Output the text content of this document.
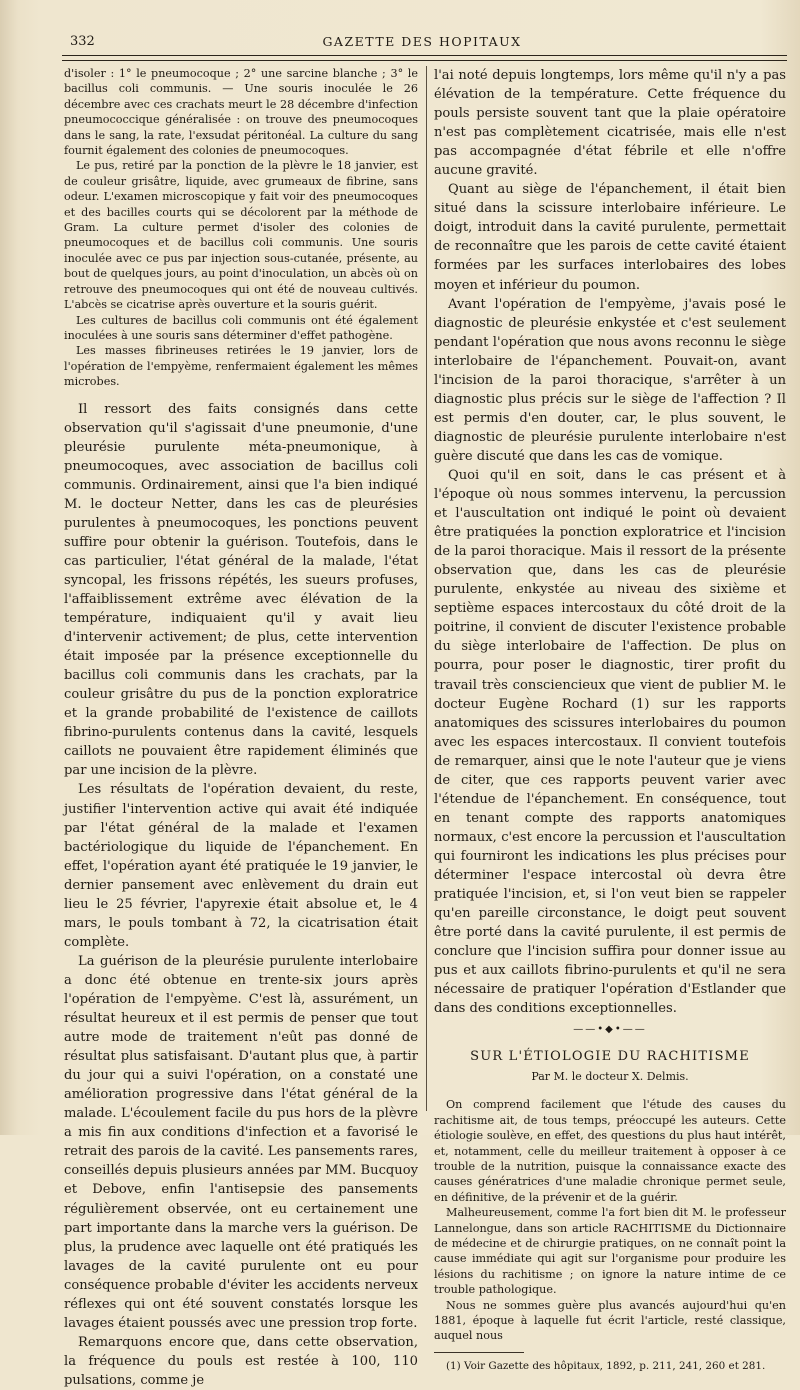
332	GAZETTE DES HOPITAUX

d'isoler : 1° le pneumocoque ; 2° une sarcine blanche ; 3° le bacillus coli communis. — Une souris inoculée le 26 décembre avec ces crachats meurt le 28 décembre d'infection pneumococcique généralisée : on trouve des pneumocoques dans le sang, la rate, l'exsudat péritonéal. La culture du sang fournit également des colonies de pneumocoques.

Le pus, retiré par la ponction de la plèvre le 18 janvier, est de couleur grisâtre, liquide, avec grumeaux de fibrine, sans odeur. L'examen microscopique y fait voir des pneumocoques et des bacilles courts qui se décolorent par la méthode de Gram. La culture permet d'isoler des colonies de pneumocoques et de bacillus coli communis. Une souris inoculée avec ce pus par injection sous-cutanée, présente, au bout de quelques jours, au point d'inoculation, un abcès où on retrouve des pneumocoques qui ont été de nouveau cultivés. L'abcès se cicatrise après ouverture et la souris guérit.

Les cultures de bacillus coli communis ont été également inoculées à une souris sans déterminer d'effet pathogène.

Les masses fibrineuses retirées le 19 janvier, lors de l'opération de l'empyème, renfermaient également les mêmes microbes.

Il ressort des faits consignés dans cette observation qu'il s'agissait d'une pneumonie, d'une pleurésie purulente méta-pneumonique, à pneumocoques, avec association de bacillus coli communis. Ordinairement, ainsi que l'a bien indiqué M. le docteur Netter, dans les cas de pleurésies purulentes à pneumocoques, les ponctions peuvent suffire pour obtenir la guérison. Toutefois, dans le cas particulier, l'état général de la malade, l'état syncopal, les frissons répétés, les sueurs profuses, l'affaiblissement extrême avec élévation de la température, indiquaient qu'il y avait lieu d'intervenir activement; de plus, cette intervention était imposée par la présence exceptionnelle du bacillus coli communis dans les crachats, par la couleur grisâtre du pus de la ponction exploratrice et la grande probabilité de l'existence de caillots fibrino-purulents contenus dans la cavité, lesquels caillots ne pouvaient être rapidement éliminés que par une incision de la plèvre.

Les résultats de l'opération devaient, du reste, justifier l'intervention active qui avait été indiquée par l'état général de la malade et l'examen bactériologique du liquide de l'épanchement. En effet, l'opération ayant été pratiquée le 19 janvier, le dernier pansement avec enlèvement du drain eut lieu le 25 février, l'apyrexie était absolue et, le 4 mars, le pouls tombant à 72, la cicatrisation était complète.

La guérison de la pleurésie purulente interlobaire a donc été obtenue en trente-six jours après l'opération de l'empyème. C'est là, assurément, un résultat heureux et il est permis de penser que tout autre mode de traitement n'eût pas donné de résultat plus satisfaisant. D'autant plus que, à partir du jour qui a suivi l'opération, on a constaté une amélioration progressive dans l'état général de la malade. L'écoulement facile du pus hors de la plèvre a mis fin aux conditions d'infection et a favorisé le retrait des parois de la cavité. Les pansements rares, conseillés depuis plusieurs années par MM. Bucquoy et Debove, enfin l'antisepsie des pansements régulièrement observée, ont eu certainement une part importante dans la marche vers la guérison. De plus, la prudence avec laquelle ont été pratiqués les lavages de la cavité purulente ont eu pour conséquence probable d'éviter les accidents nerveux réflexes qui ont été souvent constatés lorsque les lavages étaient poussés avec une pression trop forte.

Remarquons encore que, dans cette observation, la fréquence du pouls est restée à 100, 110 pulsations, comme je

l'ai noté depuis longtemps, lors même qu'il n'y a pas élévation de la température. Cette fréquence du pouls persiste souvent tant que la plaie opératoire n'est pas complètement cicatrisée, mais elle n'est pas accompagnée d'état fébrile et elle n'offre aucune gravité.

Quant au siège de l'épanchement, il était bien situé dans la scissure interlobaire inférieure. Le doigt, introduit dans la cavité purulente, permettait de reconnaître que les parois de cette cavité étaient formées par les surfaces interlobaires des lobes moyen et inférieur du poumon.

Avant l'opération de l'empyème, j'avais posé le diagnostic de pleurésie enkystée et c'est seulement pendant l'opération que nous avons reconnu le siège interlobaire de l'épanchement. Pouvait-on, avant l'incision de la paroi thoracique, s'arrêter à un diagnostic plus précis sur le siège de l'affection ? Il est permis d'en douter, car, le plus souvent, le diagnostic de pleurésie purulente interlobaire n'est guère discuté que dans les cas de vomique.

Quoi qu'il en soit, dans le cas présent et à l'époque où nous sommes intervenu, la percussion et l'auscultation ont indiqué le point où devaient être pratiquées la ponction exploratrice et l'incision de la paroi thoracique. Mais il ressort de la présente observation que, dans les cas de pleurésie purulente, enkystée au niveau des sixième et septième espaces intercostaux du côté droit de la poitrine, il convient de discuter l'existence probable du siège interlobaire de l'affection. De plus on pourra, pour poser le diagnostic, tirer profit du travail très consciencieux que vient de publier M. le docteur Eugène Rochard (1) sur les rapports anatomiques des scissures interlobaires du poumon avec les espaces intercostaux. Il convient toutefois de remarquer, ainsi que le note l'auteur que je viens de citer, que ces rapports peuvent varier avec l'étendue de l'épanchement. En conséquence, tout en tenant compte des rapports anatomiques normaux, c'est encore la percussion et l'auscultation qui fourniront les indications les plus précises pour déterminer l'espace intercostal où devra être pratiquée l'incision, et, si l'on veut bien se rappeler qu'en pareille circonstance, le doigt peut souvent être porté dans la cavité purulente, il est permis de conclure que l'incision suffira pour donner issue au pus et aux caillots fibrino-purulents et qu'il ne sera nécessaire de pratiquer l'opération d'Estlander que dans des conditions exceptionnelles.

——•◆•——
SUR L'ÉTIOLOGIE DU RACHITISME
Par M. le docteur X. Delmis.

On comprend facilement que l'étude des causes du rachitisme ait, de tous temps, préoccupé les auteurs. Cette étiologie soulève, en effet, des questions du plus haut intérêt, et, notamment, celle du meilleur traitement à opposer à ce trouble de la nutrition, puisque la connaissance exacte des causes génératrices d'une maladie chronique permet seule, en définitive, de la prévenir et de la guérir.

Malheureusement, comme l'a fort bien dit M. le professeur Lannelongue, dans son article RACHITISME du Dictionnaire de médecine et de chirurgie pratiques, on ne connaît point la cause immédiate qui agit sur l'organisme pour produire les lésions du rachitisme ; on ignore la nature intime de ce trouble pathologique.

Nous ne sommes guère plus avancés aujourd'hui qu'en 1881, époque à laquelle fut écrit l'article, resté classique, auquel nous

(1) Voir Gazette des hôpitaux, 1892, p. 211, 241, 260 et 281.
